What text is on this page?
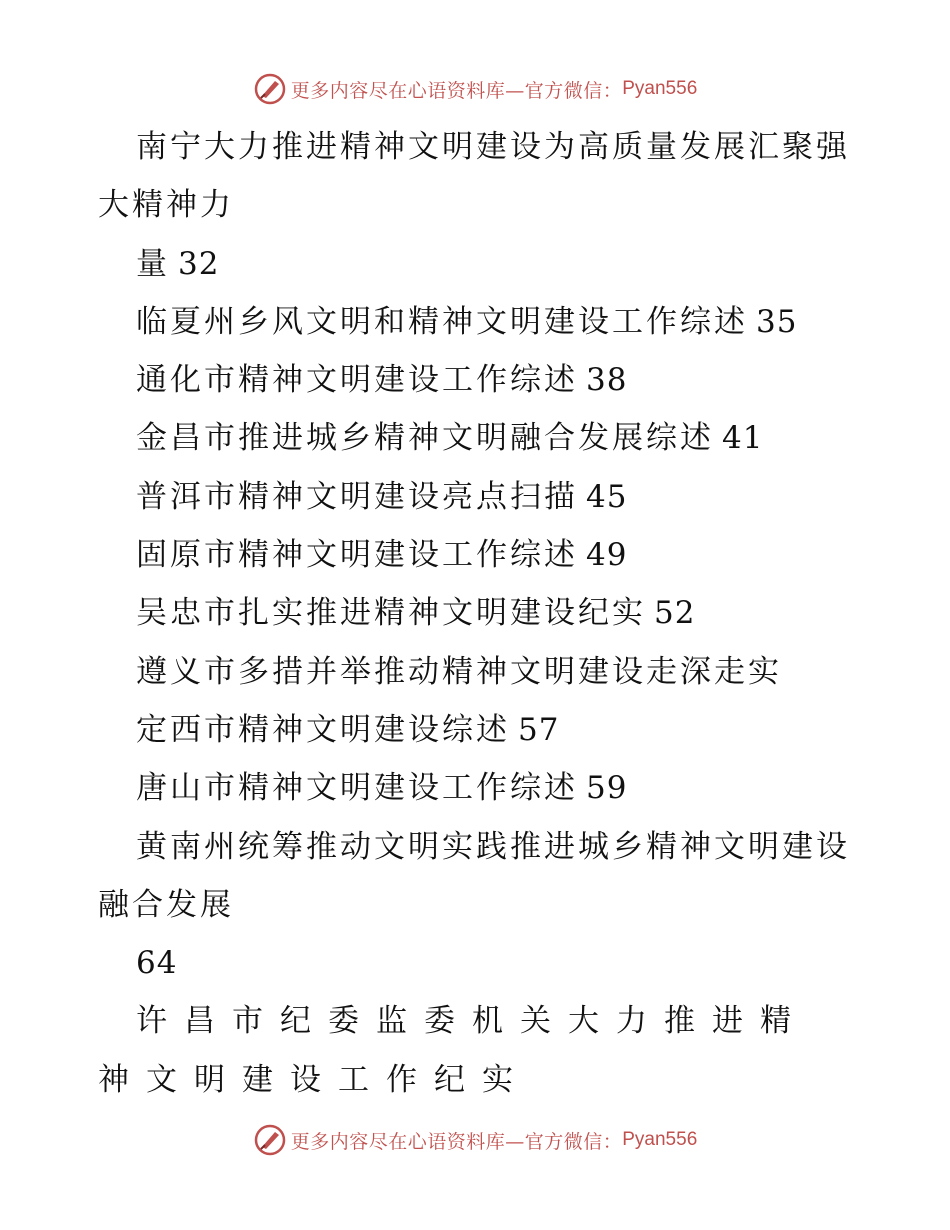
更多内容尽在心语资料库—官方微信： Pyan556

南宁大力推进精神文明建设为高质量发展汇聚强
大精神力

量 32

临夏州乡风文明和精神文明建设工作综述 35

通化市精神文明建设工作综述 38

金昌市推进城乡精神文明融合发展综述 41

普洱市精神文明建设亮点扫描 45

固原市精神文明建设工作综述 49

吴忠市扎实推进精神文明建设纪实 52

遵义市多措并举推动精神文明建设走深走实

定西市精神文明建设综述 57

唐山市精神文明建设工作综述 59

黄南州统筹推动文明实践推进城乡精神文明建设
融合发展

64

许昌市纪委监委机关大力推进精
神文明建设工作纪实

更多内容尽在心语资料库—官方微信： Pyan556
